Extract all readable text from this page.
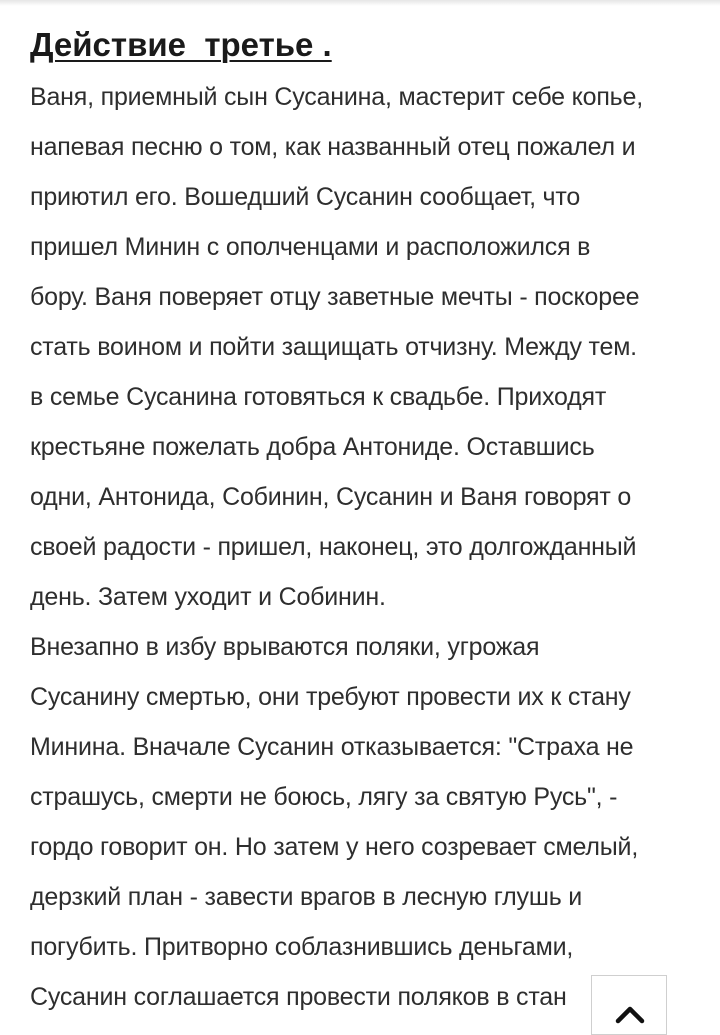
Действие  третье .

Ваня, приемный сын Сусанина, мастерит себе копье,
напевая песню о том, как названный отец пожалел и
приютил его. Вошедший Сусанин сообщает, что
пришел Минин с ополченцами и расположился в
бору. Ваня поверяет отцу заветные мечты - поскорее
стать воином и пойти защищать отчизну. Между тем.
в семье Сусанина готовяться к свадьбе. Приходят
крестьяне пожелать добра Антониде. Оставшись
одни, Антонида, Собинин, Сусанин и Ваня говорят о
своей радости - пришел, наконец, это долгожданный
день. Затем уходит и Собинин.

Внезапно в избу врываются поляки, угрожая
Сусанину смертью, они требуют провести их к стану
Минина. Вначале Сусанин отказывается: "Страха не
страшусь, смерти не боюсь, лягу за святую Русь", -
гордо говорит он. Но затем у него созревает смелый,
дерзкий план - завести врагов в лесную глушь и
погубить. Притворно соблазнившись деньгами,
Сусанин соглашается провести поляков в стан
